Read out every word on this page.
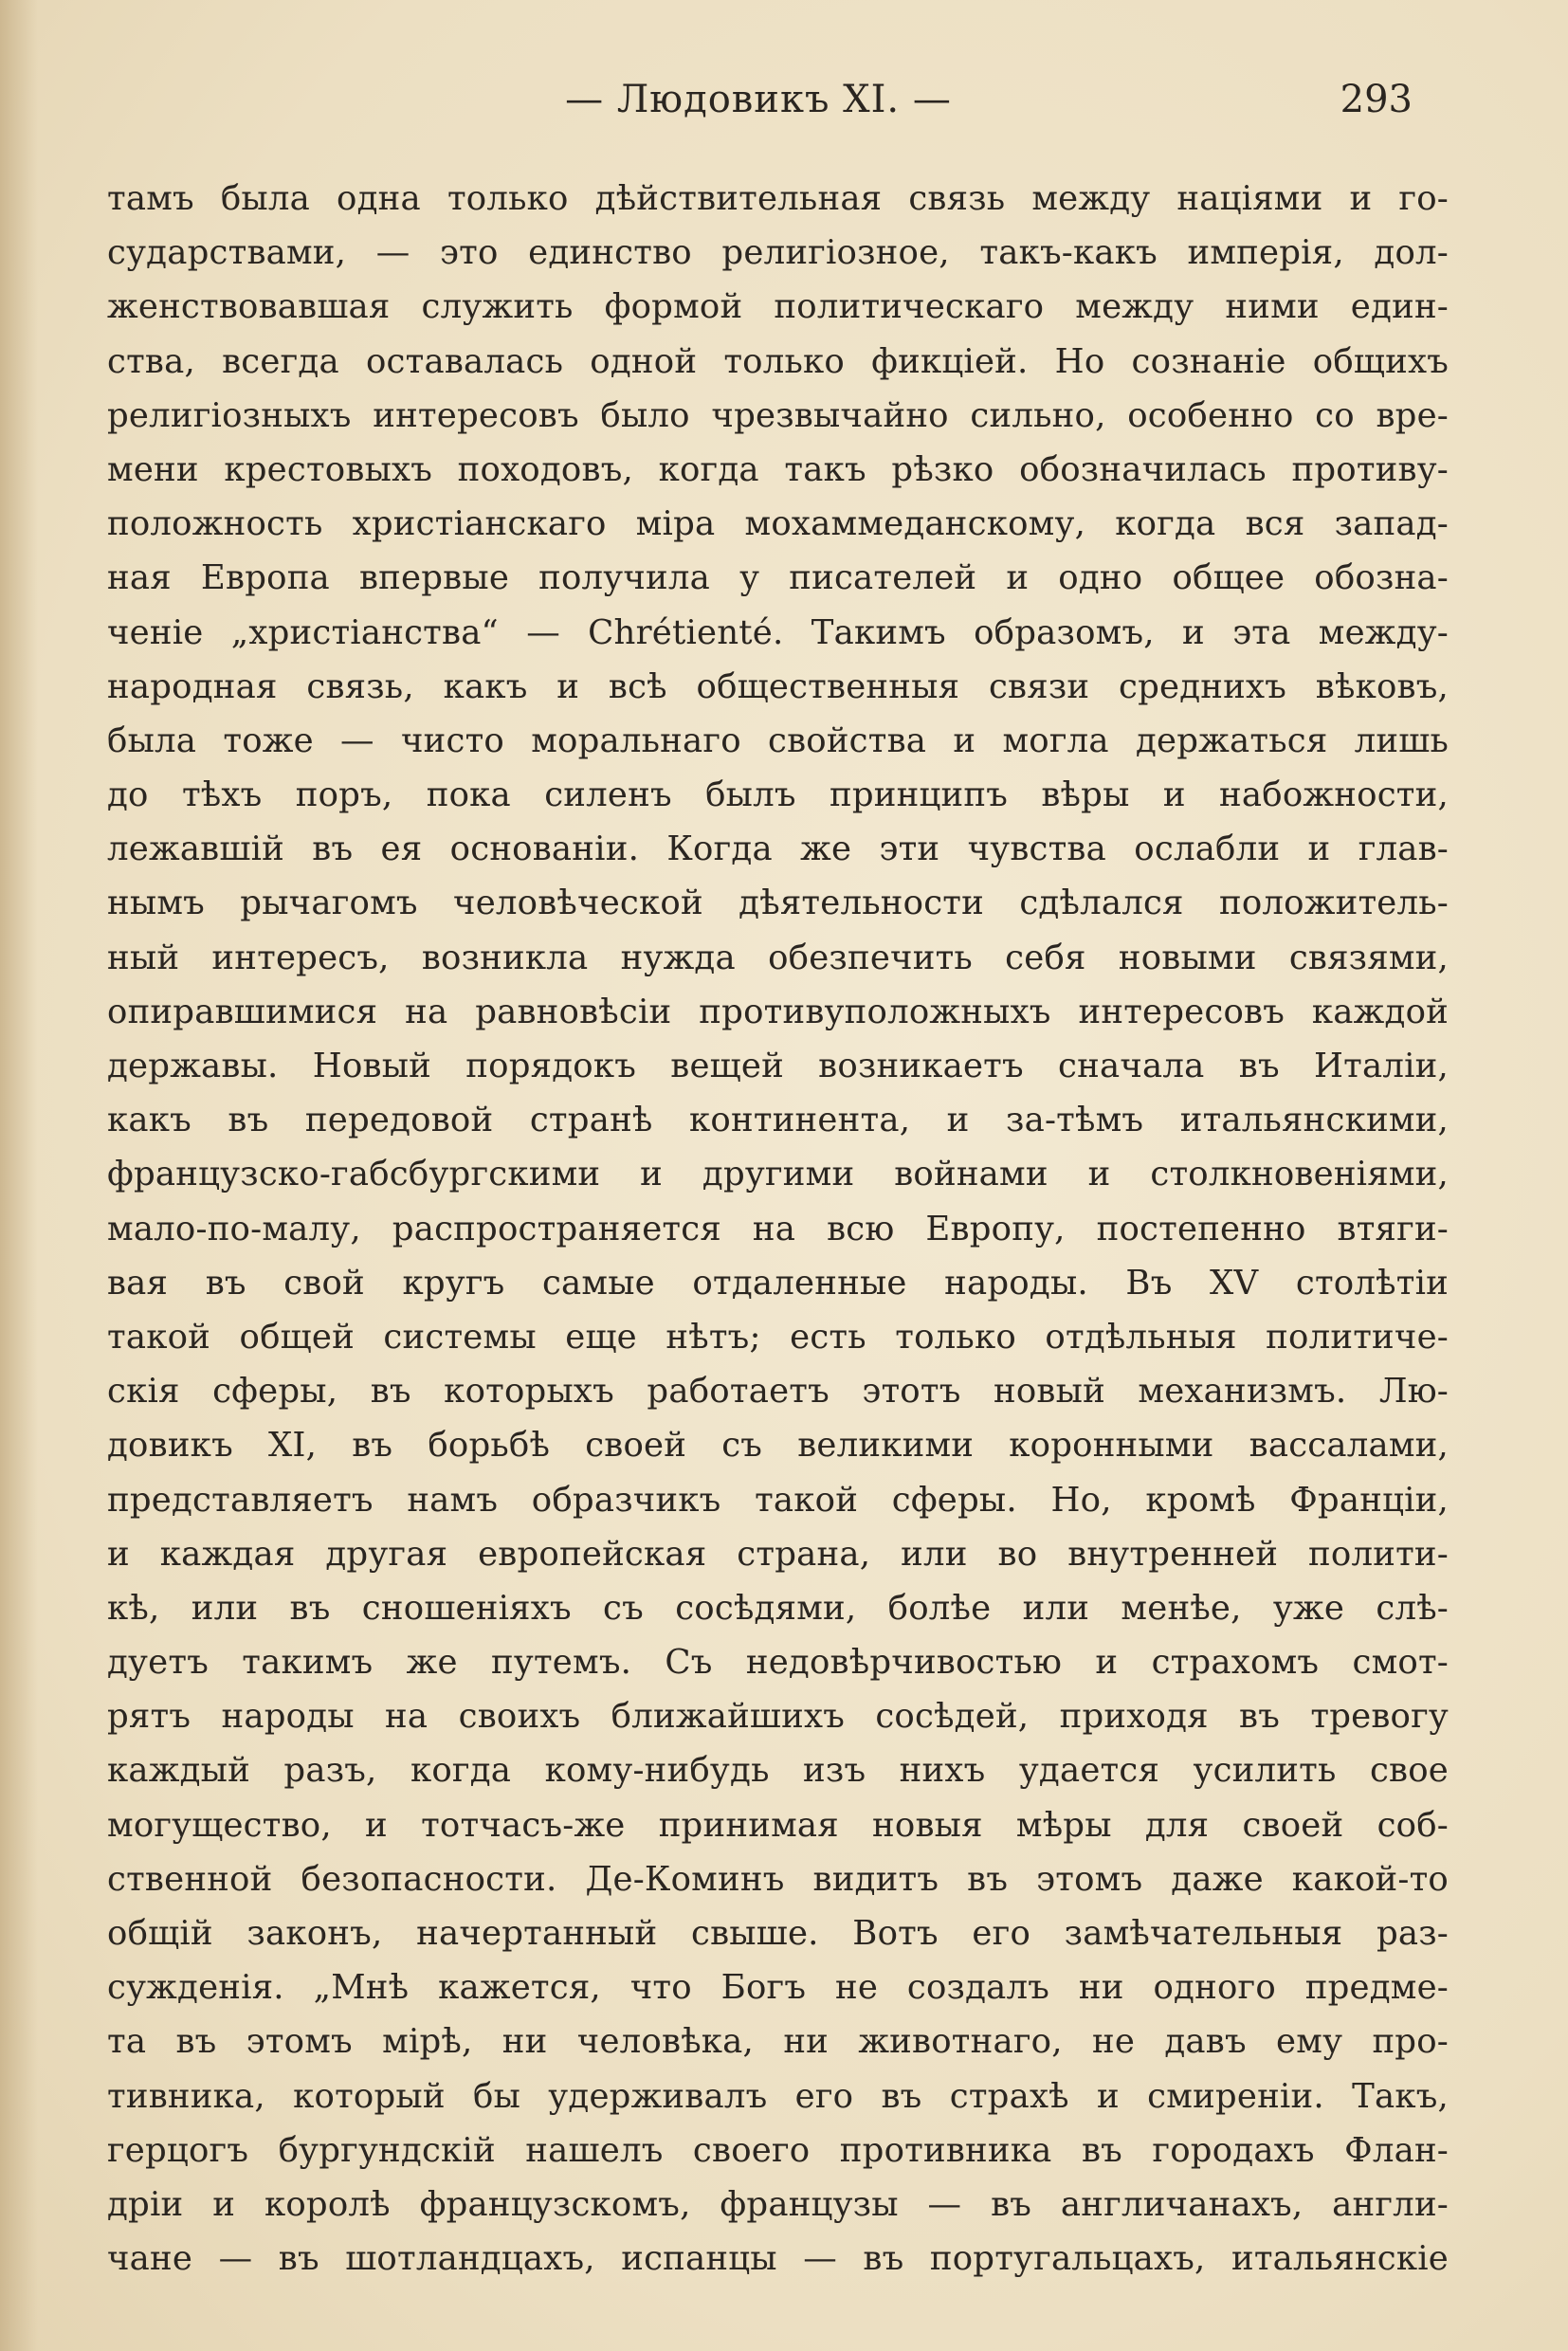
— Людовикъ XI. —	293
тамъ была одна только дѣйствительная связь между націями и го-
сударствами, — это единство религіозное, такъ-какъ имперія, дол-
женствовавшая служить формой политическаго между ними един-
ства, всегда оставалась одной только фикціей. Но сознаніе общихъ
религіозныхъ интересовъ было чрезвычайно сильно, особенно со вре-
мени крестовыхъ походовъ, когда такъ рѣзко обозначилась противу-
положность христіанскаго міра мохаммеданскому, когда вся запад-
ная Европа впервые получила у писателей и одно общее обозна-
ченіе „христіанства“ — Chrétienté. Такимъ образомъ, и эта между-
народная связь, какъ и всѣ общественныя связи среднихъ вѣковъ,
была тоже — чисто моральнаго свойства и могла держаться лишь
до тѣхъ поръ, пока силенъ былъ принципъ вѣры и набожности,
лежавшій въ ея основаніи. Когда же эти чувства ослабли и глав-
нымъ рычагомъ человѣческой дѣятельности сдѣлался положитель-
ный интересъ, возникла нужда обезпечить себя новыми связями,
опиравшимися на равновѣсіи противуположныхъ интересовъ каждой
державы. Новый порядокъ вещей возникаетъ сначала въ Италіи,
какъ въ передовой странѣ континента, и за-тѣмъ итальянскими,
французско-габсбургскими и другими войнами и столкновеніями,
мало-по-малу, распространяется на всю Европу, постепенно втяги-
вая въ свой кругъ самые отдаленные народы. Въ XV столѣтіи
такой общей системы еще нѣтъ; есть только отдѣльныя политиче-
скія сферы, въ которыхъ работаетъ этотъ новый механизмъ. Лю-
довикъ XI, въ борьбѣ своей съ великими коронными вассалами,
представляетъ намъ образчикъ такой сферы. Но, кромѣ Франціи,
и каждая другая европейская страна, или во внутренней полити-
кѣ, или въ сношеніяхъ съ сосѣдями, болѣе или менѣе, уже слѣ-
дуетъ такимъ же путемъ. Съ недовѣрчивостью и страхомъ смот-
рятъ народы на своихъ ближайшихъ сосѣдей, приходя въ тревогу
каждый разъ, когда кому-нибудь изъ нихъ удается усилить свое
могущество, и тотчасъ-же принимая новыя мѣры для своей соб-
ственной безопасности. Де-Коминъ видитъ въ этомъ даже какой-то
общій законъ, начертанный свыше. Вотъ его замѣчательныя раз-
сужденія. „Мнѣ кажется, что Богъ не создалъ ни одного предме-
та въ этомъ мірѣ, ни человѣка, ни животнаго, не давъ ему про-
тивника, который бы удерживалъ его въ страхѣ и смиреніи. Такъ,
герцогъ бургундскій нашелъ своего противника въ городахъ Флан-
дріи и королѣ французскомъ, французы — въ англичанахъ, англи-
чане — въ шотландцахъ, испанцы — въ португальцахъ, итальянскіе
